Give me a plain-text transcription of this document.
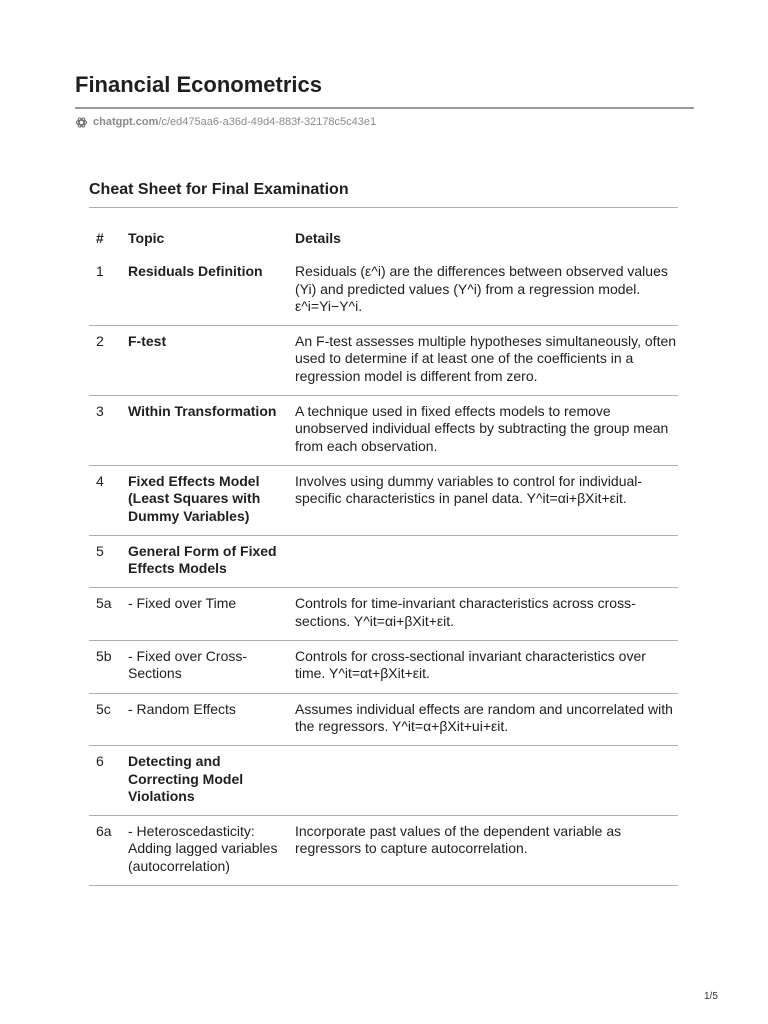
Financial Econometrics
chatgpt.com /c/ed475aa6-a36d-49d4-883f-32178c5c43e1
Cheat Sheet for Final Examination
#	Topic	Details
1	Residuals Definition	Residuals (ε^i) are the differences between observed values (Yi) and predicted values (Y^i) from a regression model. ε^i=Yi−Y^i.
2	F-test	An F-test assesses multiple hypotheses simultaneously, often used to determine if at least one of the coefficients in a regression model is different from zero.
3	Within Transformation	A technique used in fixed effects models to remove unobserved individual effects by subtracting the group mean from each observation.
4	Fixed Effects Model (Least Squares with Dummy Variables)	Involves using dummy variables to control for individual-specific characteristics in panel data. Y^it=αi+βXit+εit.
5	General Form of Fixed Effects Models	
5a	- Fixed over Time	Controls for time-invariant characteristics across cross-sections. Y^it=αi+βXit+εit.
5b	- Fixed over Cross-Sections	Controls for cross-sectional invariant characteristics over time. Y^it=αt+βXit+εit.
5c	- Random Effects	Assumes individual effects are random and uncorrelated with the regressors. Y^it=α+βXit+ui+εit.
6	Detecting and Correcting Model Violations	
6a	- Heteroscedasticity: Adding lagged variables (autocorrelation)	Incorporate past values of the dependent variable as regressors to capture autocorrelation.
1/5
